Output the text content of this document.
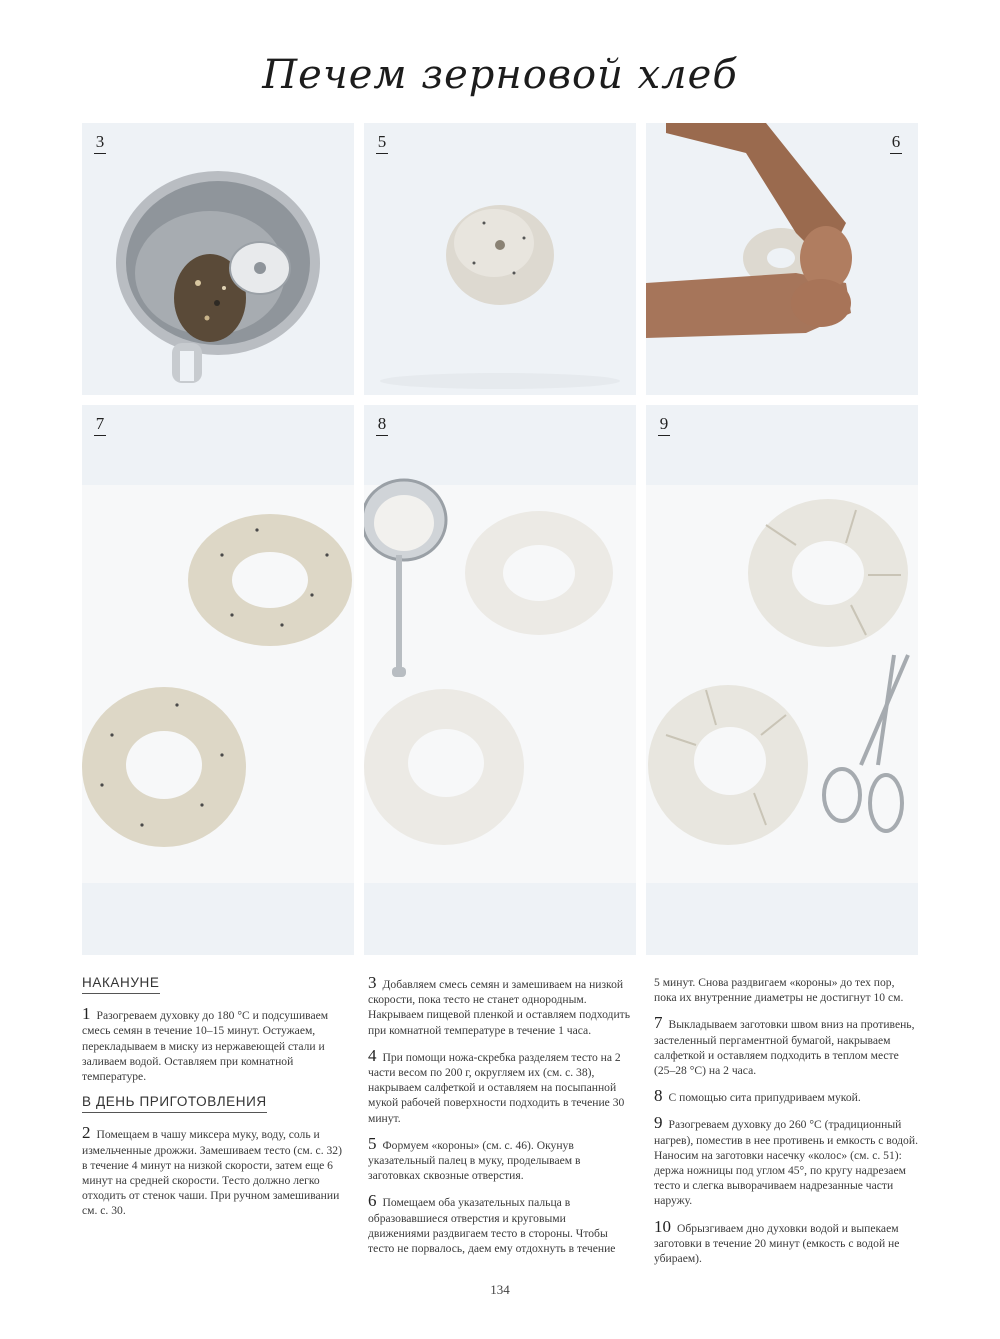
Печем зерновой хлеб
3	5	6
7	8	9
НАКАНУНЕ

1 Разогреваем духовку до 180 °С и подсушиваем смесь семян в течение 10–15 минут. Остужаем, перекладываем в миску из нержавеющей стали и заливаем водой. Оставляем при комнатной температуре.

В ДЕНЬ ПРИГОТОВЛЕНИЯ

2 Помещаем в чашу миксера муку, воду, соль и измельченные дрожжи. Замешиваем тесто (см. с. 32) в течение 4 минут на низкой скорости, затем еще 6 минут на средней скорости. Тесто должно легко отходить от стенок чаши. При ручном замешивании см. с. 30.

3 Добавляем смесь семян и замешиваем на низкой скорости, пока тесто не станет однородным. Накрываем пищевой пленкой и оставляем подходить при комнатной температуре в течение 1 часа.

4 При помощи ножа-скребка разделяем тесто на 2 части весом по 200 г, округляем их (см. с. 38), накрываем салфеткой и оставляем на посыпанной мукой рабочей поверхности подходить в течение 30 минут.

5 Формуем «короны» (см. с. 46). Окунув указательный палец в муку, проделываем в заготовках сквозные отверстия.

6 Помещаем оба указательных пальца в образовавшиеся отверстия и круговыми движениями раздвигаем тесто в стороны. Чтобы тесто не порвалось, даем ему отдохнуть в течение

5 минут. Снова раздвигаем «короны» до тех пор, пока их внутренние диаметры не достигнут 10 см.

7 Выкладываем заготовки швом вниз на противень, застеленный пергаментной бумагой, накрываем салфеткой и оставляем подходить в теплом месте (25–28 °С) на 2 часа.

8 С помощью сита припудриваем мукой.

9 Разогреваем духовку до 260 °С (традиционный нагрев), поместив в нее противень и емкость с водой. Наносим на заготовки насечку «колос» (см. с. 51): держа ножницы под углом 45°, по кругу надрезаем тесто и слегка выворачиваем надрезанные части наружу.

10 Обрызгиваем дно духовки водой и выпекаем заготовки в течение 20 минут (емкость с водой не убираем).

134
